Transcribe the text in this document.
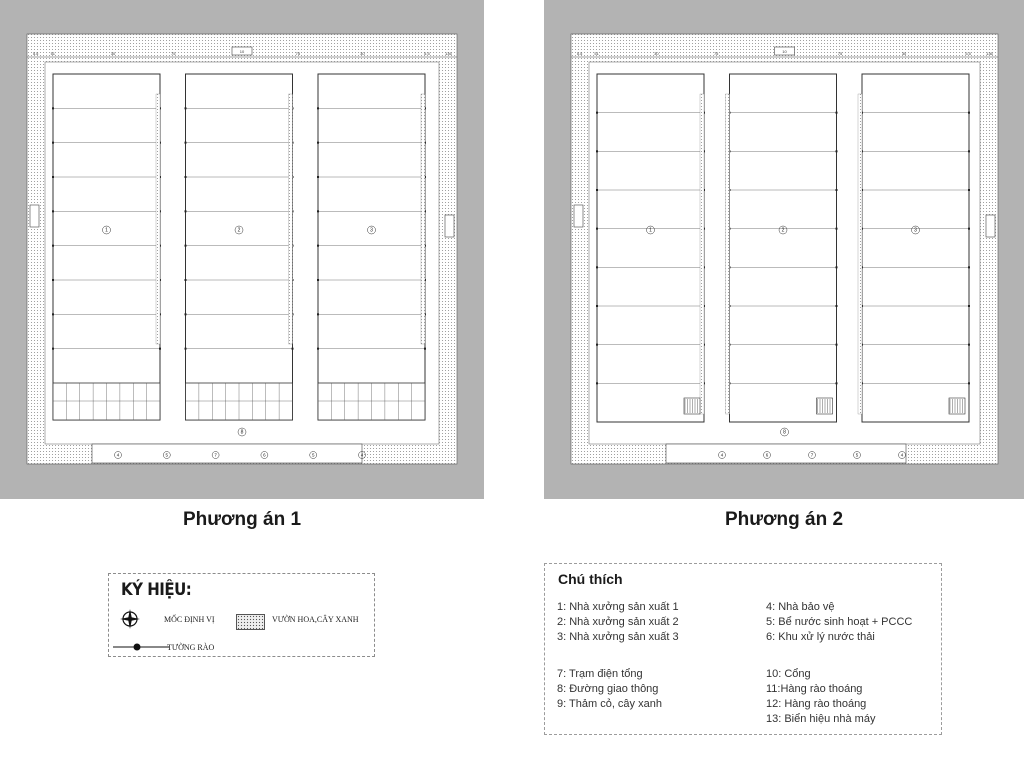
5.5	51	30	75	75	30	5.5	136
10
1	2	3
8
4	5	7	6	5	4
5.5	51	30	75	75	30	5.5	136
10
1	2	3
8
4	6	7	5	4
Phương án 1	Phương án 2
KÝ HIỆU:
MỐC ĐỊNH VỊ	VƯỜN HOA,CÂY XANH
TƯỜNG RÀO
Chú thích
1: Nhà xưởng sản xuất 1
2: Nhà xưởng sản xuất 2
3: Nhà xưởng sản xuất 3
4: Nhà bảo vệ
5: Bể nước sinh hoạt + PCCC
6: Khu xử lý nước thải
7: Trạm điện tổng
8: Đường giao thông
9: Thảm cỏ, cây xanh
10: Cổng
11:Hàng rào thoáng
12: Hàng rào thoáng
13: Biển hiệu nhà máy
